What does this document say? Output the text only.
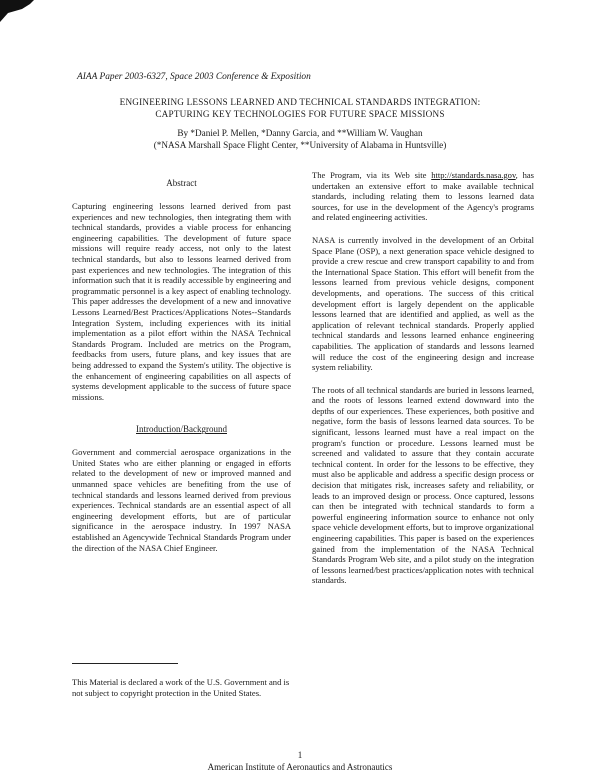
AIAA Paper 2003-6327, Space 2003 Conference & Exposition
ENGINEERING LESSONS LEARNED AND TECHNICAL STANDARDS INTEGRATION:
CAPTURING KEY TECHNOLOGIES FOR FUTURE SPACE MISSIONS
By *Daniel P. Mellen, *Danny Garcia, and **William W. Vaughan
(*NASA Marshall Space Flight Center, **University of Alabama in Huntsville)
Abstract

Capturing engineering lessons learned derived from past experiences and new technologies, then integrating them with technical standards, provides a viable process for enhancing engineering capabilities. The development of future space missions will require ready access, not only to the latest technical standards, but also to lessons learned derived from past experiences and new technologies. The integration of this information such that it is readily accessible by engineering and programmatic personnel is a key aspect of enabling technology. This paper addresses the development of a new and innovative Lessons Learned/Best Practices/Applications Notes--Standards Integration System, including experiences with its initial implementation as a pilot effort within the NASA Technical Standards Program. Included are metrics on the Program, feedbacks from users, future plans, and key issues that are being addressed to expand the System's utility. The objective is the enhancement of engineering capabilities on all aspects of systems development applicable to the success of future space missions.

Introduction/Background

Government and commercial aerospace organizations in the United States who are either planning or engaged in efforts related to the development of new or improved manned and unmanned space vehicles are benefiting from the use of technical standards and lessons learned derived from previous experiences. Technical standards are an essential aspect of all engineering development efforts, but are of particular significance in the aerospace industry. In 1997 NASA established an Agencywide Technical Standards Program under the direction of the NASA Chief Engineer.

This Material is declared a work of the U.S. Government and is not subject to copyright protection in the United States.

The Program, via its Web site http://standards.nasa.gov, has undertaken an extensive effort to make available technical standards, including relating them to lessons learned data sources, for use in the development of the Agency's programs and related engineering activities.

NASA is currently involved in the development of an Orbital Space Plane (OSP), a next generation space vehicle designed to provide a crew rescue and crew transport capability to and from the International Space Station. This effort will benefit from the lessons learned from previous vehicle designs, component developments, and operations. The success of this critical development effort is largely dependent on the applicable lessons learned that are identified and applied, as well as the application of relevant technical standards. Properly applied technical standards and lessons learned enhance engineering capabilities. The application of standards and lessons learned will reduce the cost of the engineering design and increase system reliability.

The roots of all technical standards are buried in lessons learned, and the roots of lessons learned extend downward into the depths of our experiences. These experiences, both positive and negative, form the basis of lessons learned data sources. To be significant, lessons learned must have a real impact on the program's function or procedure. Lessons learned must be screened and validated to assure that they contain accurate technical content. In order for the lessons to be effective, they must also be applicable and address a specific design process or decision that mitigates risk, increases safety and reliability, or leads to an improved design or process. Once captured, lessons can then be integrated with technical standards to form a powerful engineering information source to enhance not only space vehicle development efforts, but to improve organizational engineering capabilities. This paper is based on the experiences gained from the implementation of the NASA Technical Standards Program Web site, and a pilot study on the integration of lessons learned/best practices/application notes with technical standards.

1
American Institute of Aeronautics and Astronautics
